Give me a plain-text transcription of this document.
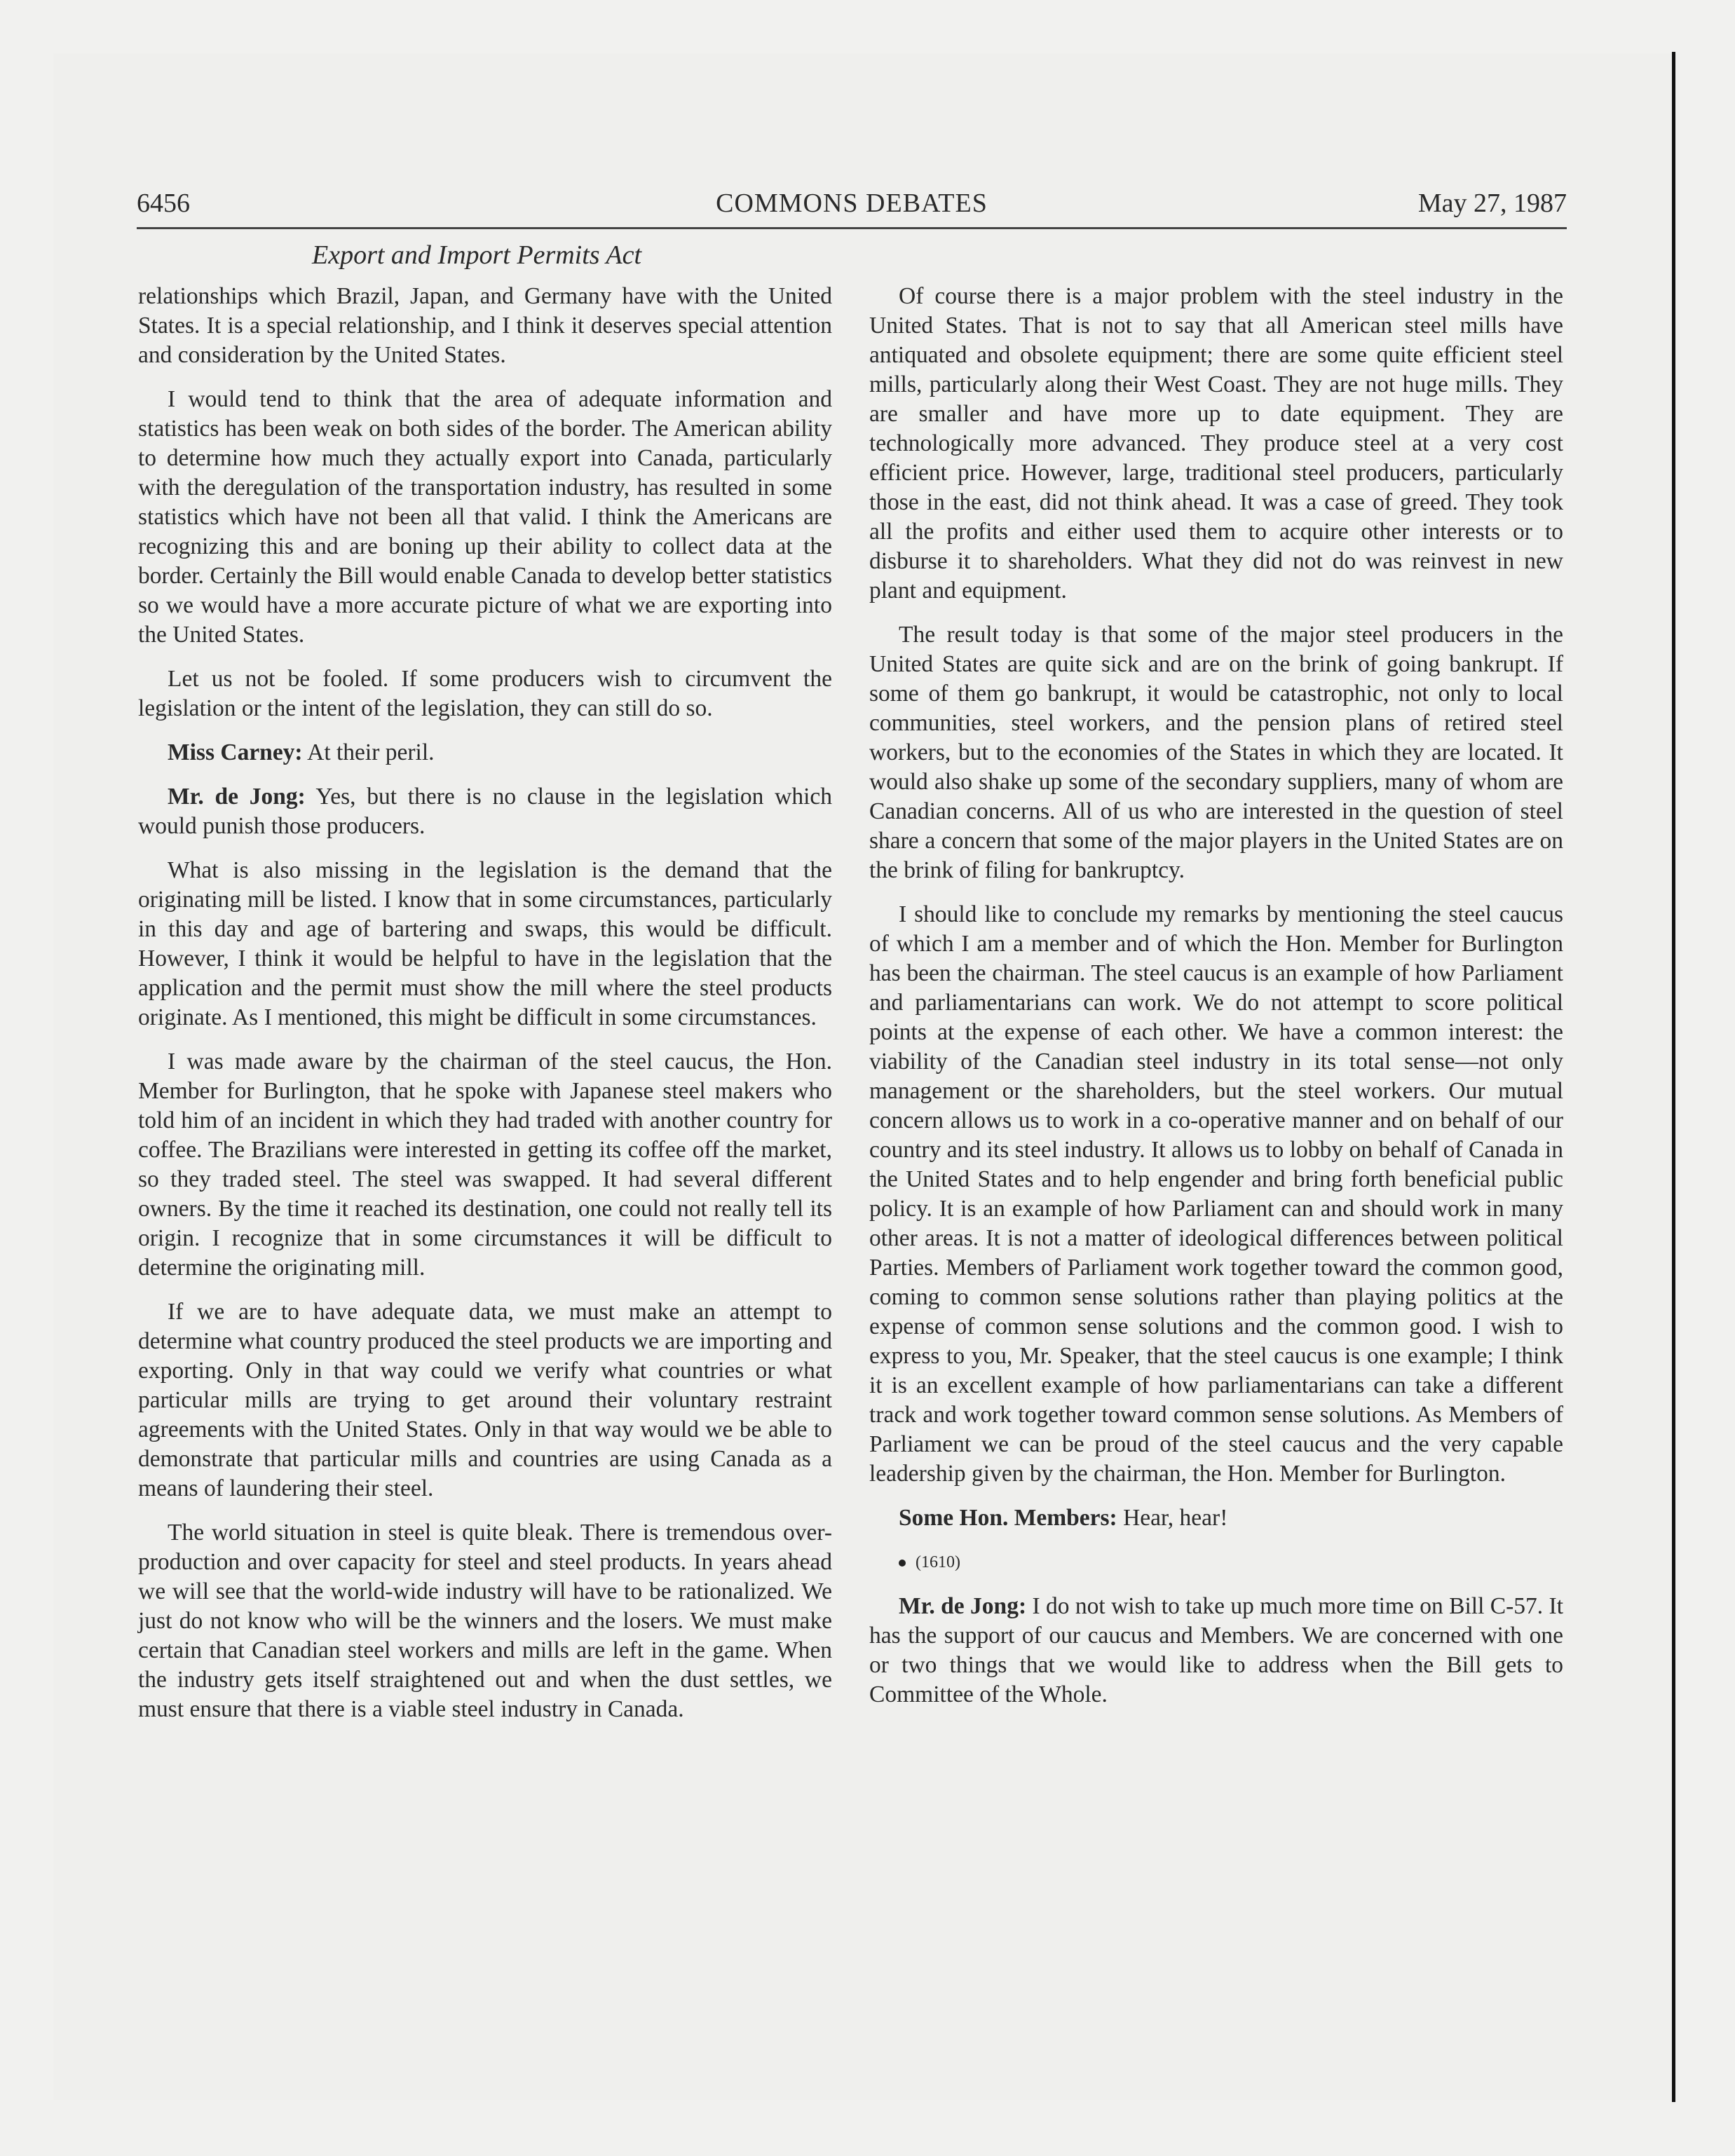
6456	COMMONS DEBATES	May 27, 1987
Export and Import Permits Act

relationships which Brazil, Japan, and Germany have with the United States. It is a special relationship, and I think it deserves special attention and consideration by the United States.

I would tend to think that the area of adequate information and statistics has been weak on both sides of the border. The American ability to determine how much they actually export into Canada, particularly with the deregulation of the transportation industry, has resulted in some statistics which have not been all that valid. I think the Americans are recognizing this and are boning up their ability to collect data at the border. Certainly the Bill would enable Canada to develop better statistics so we would have a more accurate picture of what we are exporting into the United States.

Let us not be fooled. If some producers wish to circumvent the legislation or the intent of the legislation, they can still do so.

Miss Carney: At their peril.

Mr. de Jong: Yes, but there is no clause in the legislation which would punish those producers.

What is also missing in the legislation is the demand that the originating mill be listed. I know that in some circumstances, particularly in this day and age of bartering and swaps, this would be difficult. However, I think it would be helpful to have in the legislation that the application and the permit must show the mill where the steel products originate. As I mentioned, this might be difficult in some circumstances.

I was made aware by the chairman of the steel caucus, the Hon. Member for Burlington, that he spoke with Japanese steel makers who told him of an incident in which they had traded with another country for coffee. The Brazilians were interested in getting its coffee off the market, so they traded steel. The steel was swapped. It had several different owners. By the time it reached its destination, one could not really tell its origin. I recognize that in some circumstances it will be difficult to determine the originating mill.

If we are to have adequate data, we must make an attempt to determine what country produced the steel products we are importing and exporting. Only in that way could we verify what countries or what particular mills are trying to get around their voluntary restraint agreements with the United States. Only in that way would we be able to demonstrate that particular mills and countries are using Canada as a means of laundering their steel.

The world situation in steel is quite bleak. There is tremendous over-production and over capacity for steel and steel products. In years ahead we will see that the world-wide industry will have to be rationalized. We just do not know who will be the winners and the losers. We must make certain that Canadian steel workers and mills are left in the game. When the industry gets itself straightened out and when the dust settles, we must ensure that there is a viable steel industry in Canada.

Of course there is a major problem with the steel industry in the United States. That is not to say that all American steel mills have antiquated and obsolete equipment; there are some quite efficient steel mills, particularly along their West Coast. They are not huge mills. They are smaller and have more up to date equipment. They are technologically more advanced. They produce steel at a very cost efficient price. However, large, traditional steel producers, particularly those in the east, did not think ahead. It was a case of greed. They took all the profits and either used them to acquire other interests or to disburse it to shareholders. What they did not do was reinvest in new plant and equipment.

The result today is that some of the major steel producers in the United States are quite sick and are on the brink of going bankrupt. If some of them go bankrupt, it would be catastrophic, not only to local communities, steel workers, and the pension plans of retired steel workers, but to the economies of the States in which they are located. It would also shake up some of the secondary suppliers, many of whom are Canadian concerns. All of us who are interested in the question of steel share a concern that some of the major players in the United States are on the brink of filing for bankruptcy.

I should like to conclude my remarks by mentioning the steel caucus of which I am a member and of which the Hon. Member for Burlington has been the chairman. The steel caucus is an example of how Parliament and parliamentarians can work. We do not attempt to score political points at the expense of each other. We have a common interest: the viability of the Canadian steel industry in its total sense—not only management or the shareholders, but the steel workers. Our mutual concern allows us to work in a co-operative manner and on behalf of our country and its steel industry. It allows us to lobby on behalf of Canada in the United States and to help engender and bring forth beneficial public policy. It is an example of how Parliament can and should work in many other areas. It is not a matter of ideological differences between political Parties. Members of Parliament work together toward the common good, coming to common sense solutions rather than playing politics at the expense of common sense solutions and the common good. I wish to express to you, Mr. Speaker, that the steel caucus is one example; I think it is an excellent example of how parliamentarians can take a different track and work together toward common sense solutions. As Members of Parliament we can be proud of the steel caucus and the very capable leadership given by the chairman, the Hon. Member for Burlington.

Some Hon. Members: Hear, hear!

(1610)

Mr. de Jong: I do not wish to take up much more time on Bill C-57. It has the support of our caucus and Members. We are concerned with one or two things that we would like to address when the Bill gets to Committee of the Whole.
